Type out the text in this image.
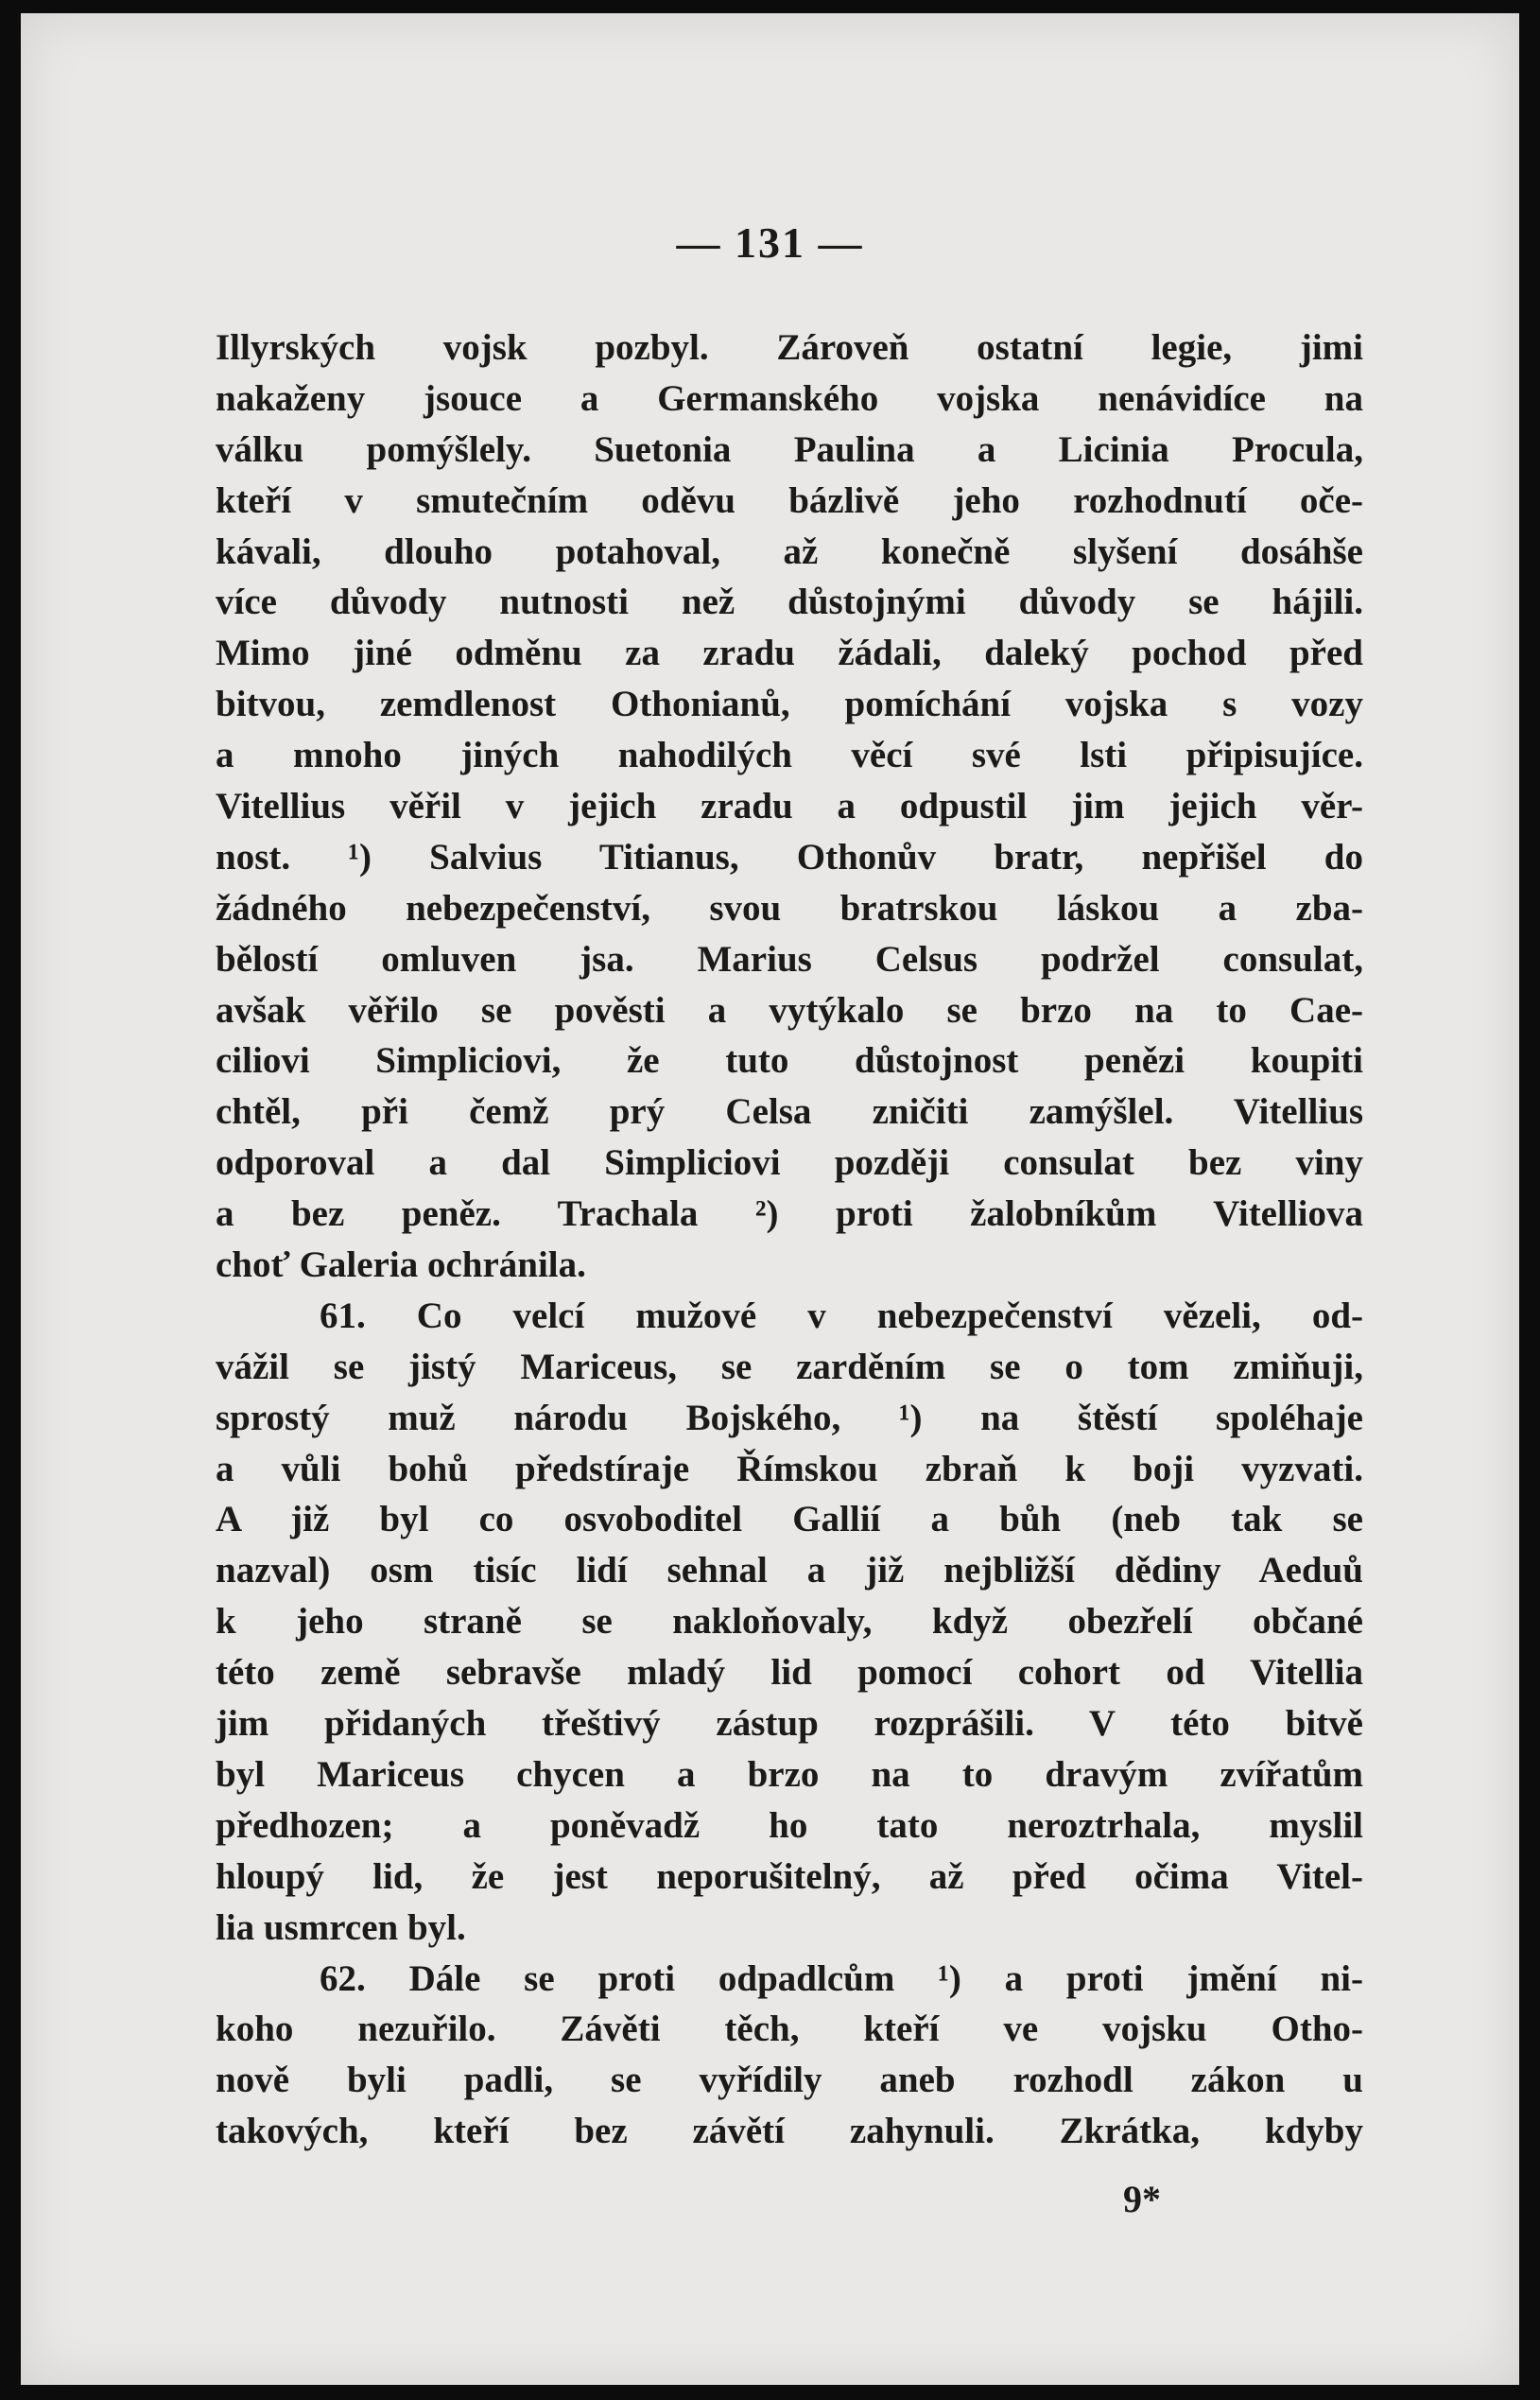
— 131 —
Illyrských vojsk pozbyl. Zároveň ostatní legie, jimi
nakaženy jsouce a Germanského vojska nenávidíce na
válku pomýšlely. Suetonia Paulina a Licinia Procula,
kteří v smutečním oděvu bázlivě jeho rozhodnutí oče-
kávali, dlouho potahoval, až konečně slyšení dosáhše
více důvody nutnosti než důstojnými důvody se hájili.
Mimo jiné odměnu za zradu žádali, daleký pochod před
bitvou, zemdlenost Othonianů, pomíchání vojska s vozy
a mnoho jiných nahodilých věcí své lsti připisujíce.
Vitellius věřil v jejich zradu a odpustil jim jejich věr-
nost. ¹) Salvius Titianus, Othonův bratr, nepřišel do
žádného nebezpečenství, svou bratrskou láskou a zba-
bělostí omluven jsa. Marius Celsus podržel consulat,
avšak věřilo se pověsti a vytýkalo se brzo na to Cae-
ciliovi Simpliciovi, že tuto důstojnost penězi koupiti
chtěl, při čemž prý Celsa zničiti zamýšlel. Vitellius
odporoval a dal Simpliciovi později consulat bez viny
a bez peněz. Trachala ²) proti žalobníkům Vitelliova
choť Galeria ochránila.
61. Co velcí mužové v nebezpečenství vězeli, od-
vážil se jistý Mariceus, se zarděním se o tom zmiňuji,
sprostý muž národu Bojského, ¹) na štěstí spoléhaje
a vůli bohů předstíraje Římskou zbraň k boji vyzvati.
A již byl co osvoboditel Gallií a bůh (neb tak se
nazval) osm tisíc lidí sehnal a již nejbližší dědiny Aeduů
k jeho straně se nakloňovaly, když obezřelí občané
této země sebravše mladý lid pomocí cohort od Vitellia
jim přidaných třeštivý zástup rozprášili. V této bitvě
byl Mariceus chycen a brzo na to dravým zvířatům
předhozen; a poněvadž ho tato neroztrhala, myslil
hloupý lid, že jest neporušitelný, až před očima Vitel-
lia usmrcen byl.
62. Dále se proti odpadlcům ¹) a proti jmění ni-
koho nezuřilo. Závěti těch, kteří ve vojsku Otho-
nově byli padli, se vyřídily aneb rozhodl zákon u
takových, kteří bez závětí zahynuli. Zkrátka, kdyby
9*
